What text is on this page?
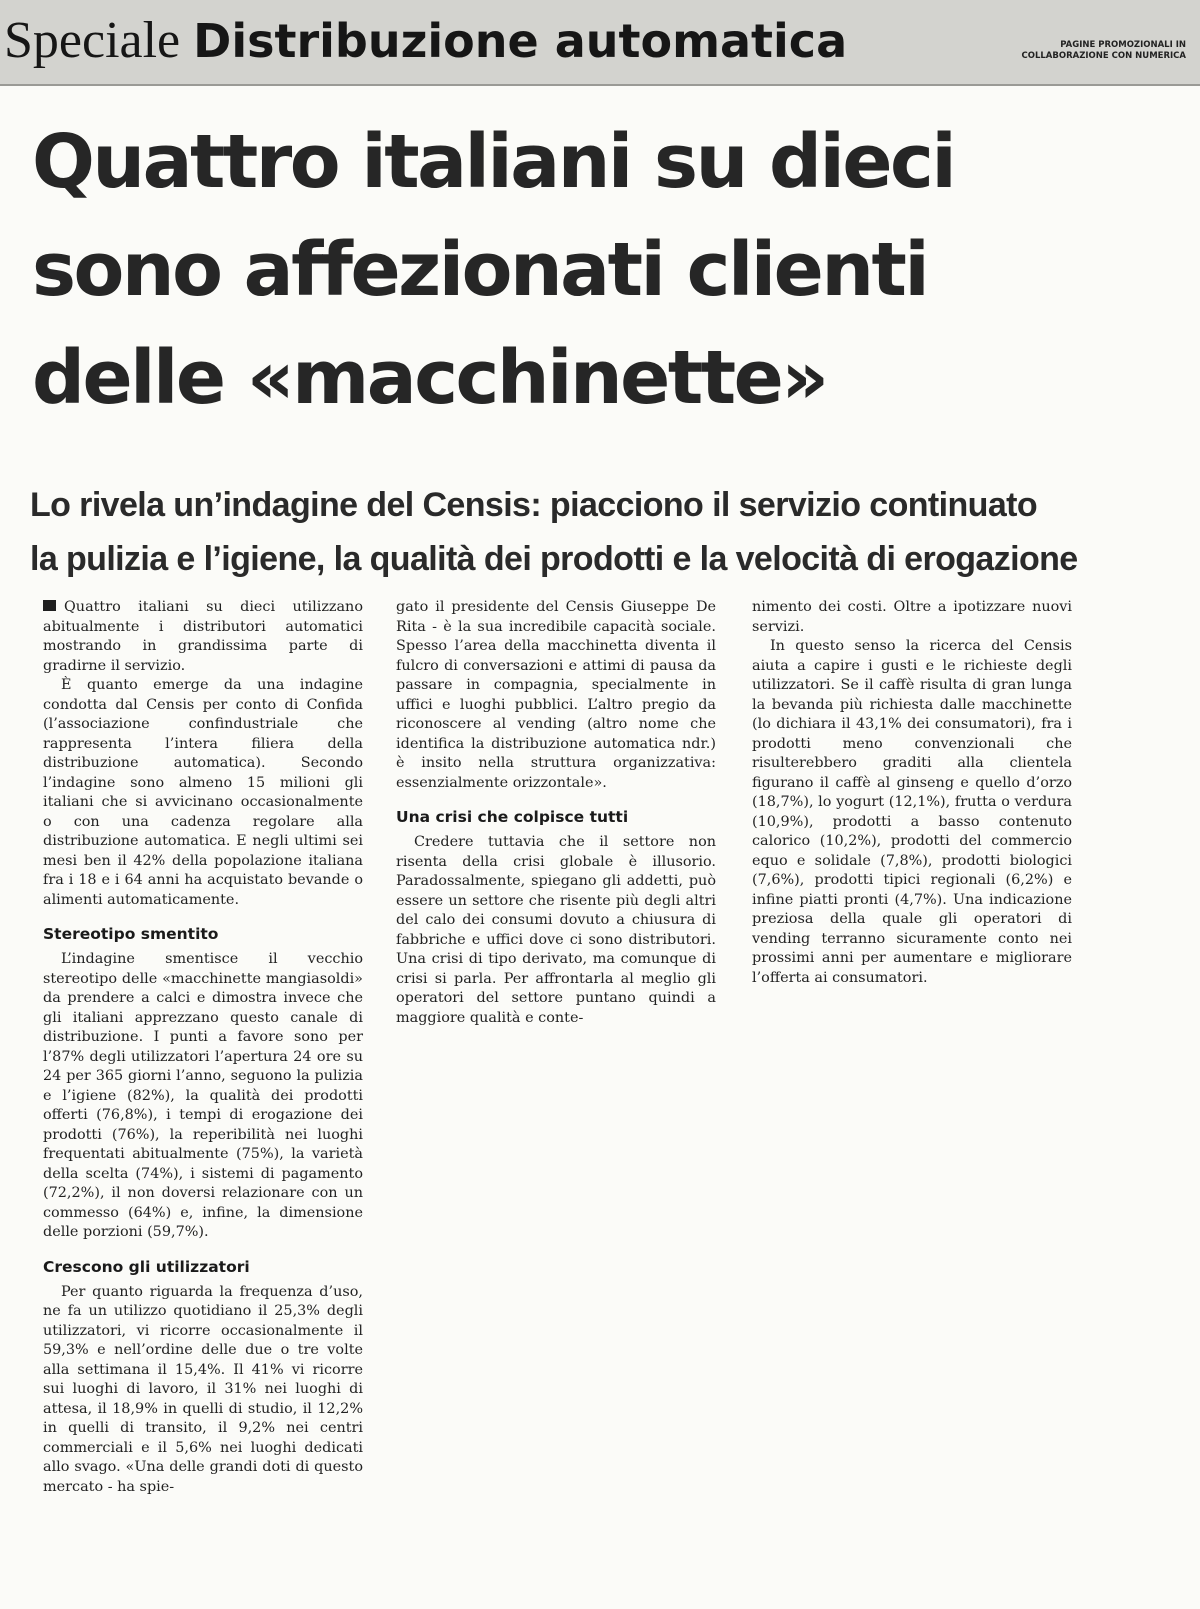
Speciale Distribuzione automatica	PAGINE PROMOZIONALI IN COLLABORAZIONE CON NUMERICA
Quattro italiani su dieci
sono affezionati clienti
delle «macchinette»
Lo rivela un’indagine del Censis: piacciono il servizio continuato
la pulizia e l’igiene, la qualità dei prodotti e la velocità di erogazione

Quattro italiani su dieci utilizzano abitualmente i distributori automatici mostrando in grandissima parte di gradirne il servizio.

È quanto emerge da una indagine condotta dal Censis per conto di Confida (l’associazione confindustriale che rappresenta l’intera filiera della distribuzione automatica). Secondo l’indagine sono almeno 15 milioni gli italiani che si avvicinano occasionalmente o con una cadenza regolare alla distribuzione automatica. E negli ultimi sei mesi ben il 42% della popolazione italiana fra i 18 e i 64 anni ha acquistato bevande o alimenti automaticamente.

Stereotipo smentito

L’indagine smentisce il vecchio stereotipo delle «macchinette mangiasoldi» da prendere a calci e dimostra invece che gli italiani apprezzano questo canale di distribuzione. I punti a favore sono per l’87% degli utilizzatori l’apertura 24 ore su 24 per 365 giorni l’anno, seguono la pulizia e l’igiene (82%), la qualità dei prodotti offerti (76,8%), i tempi di erogazione dei prodotti (76%), la reperibilità nei luoghi frequentati abitualmente (75%), la varietà della scelta (74%), i sistemi di pagamento (72,2%), il non doversi relazionare con un commesso (64%) e, infine, la dimensione delle porzioni (59,7%).

Crescono gli utilizzatori

Per quanto riguarda la frequenza d’uso, ne fa un utilizzo quotidiano il 25,3% degli utilizzatori, vi ricorre occasionalmente il 59,3% e nell’ordine delle due o tre volte alla settimana il 15,4%. Il 41% vi ricorre sui luoghi di lavoro, il 31% nei luoghi di attesa, il 18,9% in quelli di studio, il 12,2% in quelli di transito, il 9,2% nei centri commerciali e il 5,6% nei luoghi dedicati allo svago. «Una delle grandi doti di questo mercato - ha spie-

gato il presidente del Censis Giuseppe De Rita - è la sua incredibile capacità sociale. Spesso l’area della macchinetta diventa il fulcro di conversazioni e attimi di pausa da passare in compagnia, specialmente in uffici e luoghi pubblici. L’altro pregio da riconoscere al vending (altro nome che identifica la distribuzione automatica ndr.) è insito nella struttura organizzativa: essenzialmente orizzontale».

Una crisi che colpisce tutti

Credere tuttavia che il settore non risenta della crisi globale è illusorio. Paradossalmente, spiegano gli addetti, può essere un settore che risente più degli altri del calo dei consumi dovuto a chiusura di fabbriche e uffici dove ci sono distributori. Una crisi di tipo derivato, ma comunque di crisi si parla. Per affrontarla al meglio gli operatori del settore puntano quindi a maggiore qualità e conte-

nimento dei costi. Oltre a ipotizzare nuovi servizi.

In questo senso la ricerca del Censis aiuta a capire i gusti e le richieste degli utilizzatori. Se il caffè risulta di gran lunga la bevanda più richiesta dalle macchinette (lo dichiara il 43,1% dei consumatori), fra i prodotti meno convenzionali che risulterebbero graditi alla clientela figurano il caffè al ginseng e quello d’orzo (18,7%), lo yogurt (12,1%), frutta o verdura (10,9%), prodotti a basso contenuto calorico (10,2%), prodotti del commercio equo e solidale (7,8%), prodotti biologici (7,6%), prodotti tipici regionali (6,2%) e infine piatti pronti (4,7%). Una indicazione preziosa della quale gli operatori di vending terranno sicuramente conto nei prossimi anni per aumentare e migliorare l’offerta ai consumatori.
